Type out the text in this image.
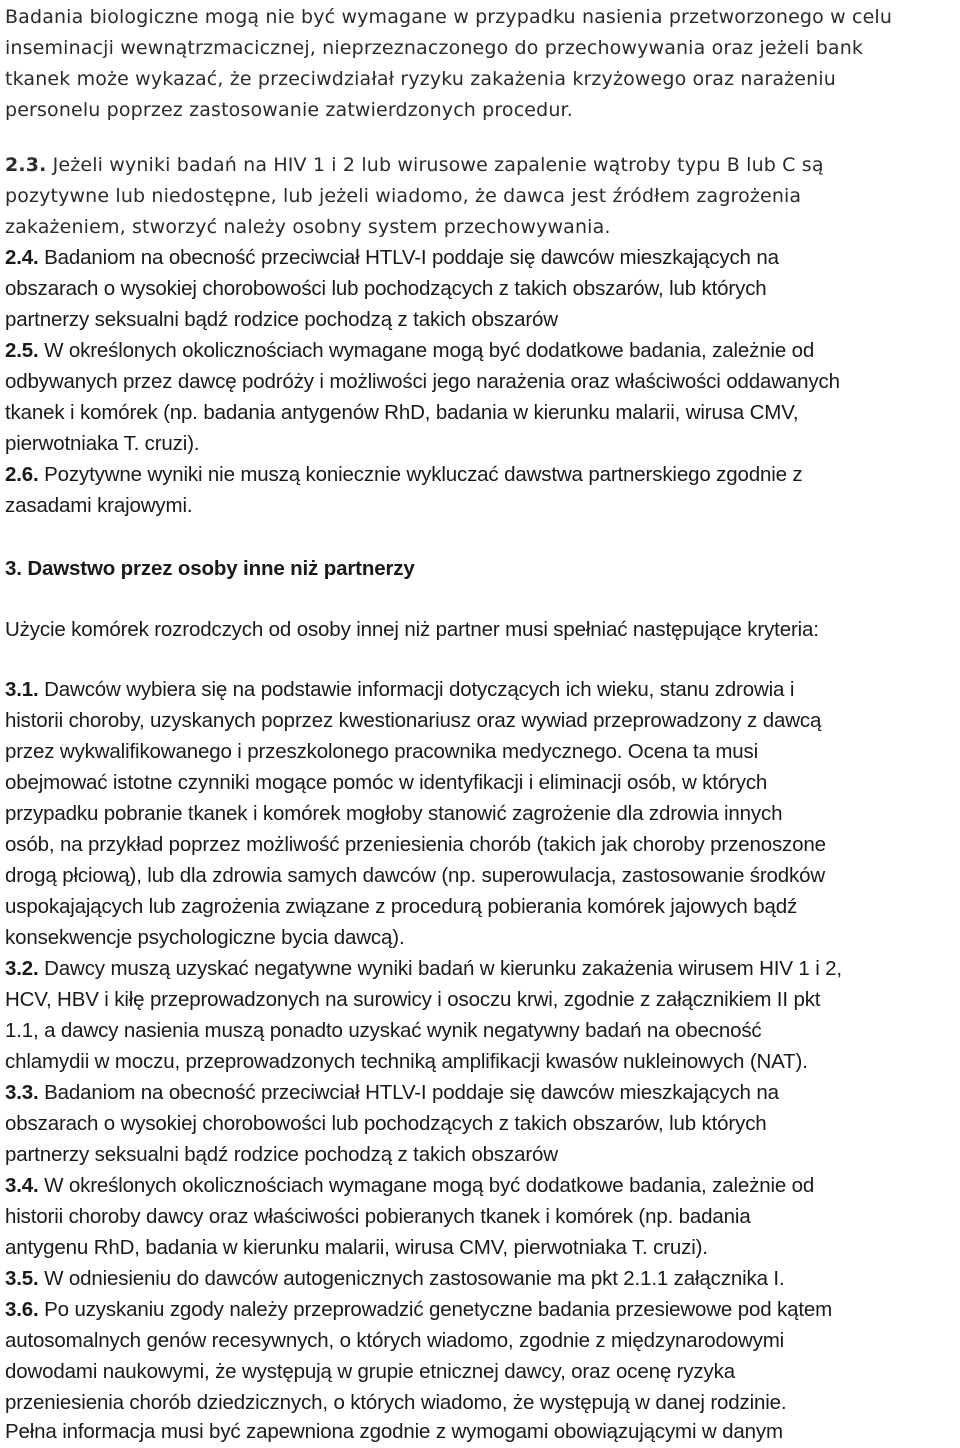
Badania biologiczne mogą nie być wymagane w przypadku nasienia przetworzonego w celu
inseminacji wewnątrzmacicznej, nieprzeznaczonego do przechowywania oraz jeżeli bank
tkanek może wykazać, że przeciwdziałał ryzyku zakażenia krzyżowego oraz narażeniu
personelu poprzez zastosowanie zatwierdzonych procedur.
2.3. Jeżeli wyniki badań na HIV 1 i 2 lub wirusowe zapalenie wątroby typu B lub C są
pozytywne lub niedostępne, lub jeżeli wiadomo, że dawca jest źródłem zagrożenia
zakażeniem, stworzyć należy osobny system przechowywania.
2.4. Badaniom na obecność przeciwciał HTLV-I poddaje się dawców mieszkających na
obszarach o wysokiej chorobowości lub pochodzących z takich obszarów, lub których
partnerzy seksualni bądź rodzice pochodzą z takich obszarów
2.5. W określonych okolicznościach wymagane mogą być dodatkowe badania, zależnie od
odbywanych przez dawcę podróży i możliwości jego narażenia oraz właściwości oddawanych
tkanek i komórek (np. badania antygenów RhD, badania w kierunku malarii, wirusa CMV,
pierwotniaka T. cruzi).
2.6. Pozytywne wyniki nie muszą koniecznie wykluczać dawstwa partnerskiego zgodnie z
zasadami krajowymi.
3. Dawstwo przez osoby inne niż partnerzy
Użycie komórek rozrodczych od osoby innej niż partner musi spełniać następujące kryteria:
3.1. Dawców wybiera się na podstawie informacji dotyczących ich wieku, stanu zdrowia i
historii choroby, uzyskanych poprzez kwestionariusz oraz wywiad przeprowadzony z dawcą
przez wykwalifikowanego i przeszkolonego pracownika medycznego. Ocena ta musi
obejmować istotne czynniki mogące pomóc w identyfikacji i eliminacji osób, w których
przypadku pobranie tkanek i komórek mogłoby stanowić zagrożenie dla zdrowia innych
osób, na przykład poprzez możliwość przeniesienia chorób (takich jak choroby przenoszone
drogą płciową), lub dla zdrowia samych dawców (np. superowulacja, zastosowanie środków
uspokajających lub zagrożenia związane z procedurą pobierania komórek jajowych bądź
konsekwencje psychologiczne bycia dawcą).
3.2. Dawcy muszą uzyskać negatywne wyniki badań w kierunku zakażenia wirusem HIV 1 i 2,
HCV, HBV i kiłę przeprowadzonych na surowicy i osoczu krwi, zgodnie z załącznikiem II pkt
1.1, a dawcy nasienia muszą ponadto uzyskać wynik negatywny badań na obecność
chlamydii w moczu, przeprowadzonych techniką amplifikacji kwasów nukleinowych (NAT).
3.3. Badaniom na obecność przeciwciał HTLV-I poddaje się dawców mieszkających na
obszarach o wysokiej chorobowości lub pochodzących z takich obszarów, lub których
partnerzy seksualni bądź rodzice pochodzą z takich obszarów
3.4. W określonych okolicznościach wymagane mogą być dodatkowe badania, zależnie od
historii choroby dawcy oraz właściwości pobieranych tkanek i komórek (np. badania
antygenu RhD, badania w kierunku malarii, wirusa CMV, pierwotniaka T. cruzi).
3.5. W odniesieniu do dawców autogenicznych zastosowanie ma pkt 2.1.1 załącznika I.
3.6. Po uzyskaniu zgody należy przeprowadzić genetyczne badania przesiewowe pod kątem
autosomalnych genów recesywnych, o których wiadomo, zgodnie z międzynarodowymi
dowodami naukowymi, że występują w grupie etnicznej dawcy, oraz ocenę ryzyka
przeniesienia chorób dziedzicznych, o których wiadomo, że występują w danej rodzinie.
Pełna informacja musi być zapewniona zgodnie z wymogami obowiązującymi w danym
